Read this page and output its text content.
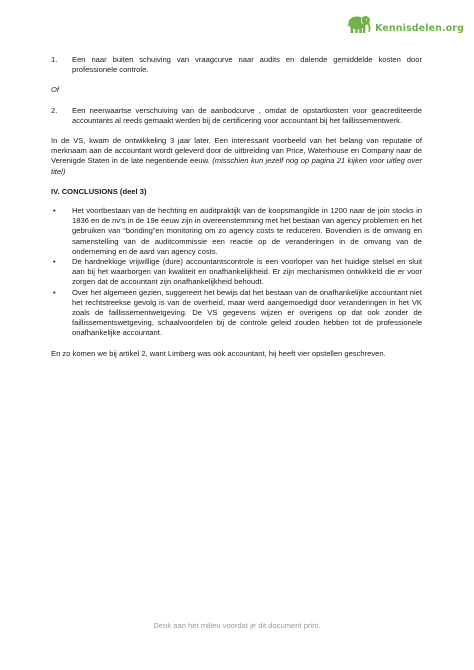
Kennisdelen.org
1.	Een naar buiten schuiving van vraagcurve naar audits en dalende gemiddelde kosten door professionele controle.
Of
2.	Een neerwaartse verschuiving van de aanbodcurve , omdat de opstartkosten voor geacrediteerde accountants al reeds gemaakt werden bij de certificering voor accountant bij het faillissementwerk.
In de VS, kwam de ontwikkeling 3 jaar later. Een interessant voorbeeld van het belang van reputatie of merknaam aan de accountant wordt geleverd door de uitbreiding van Price, Waterhouse en Company naar de Verenigde Staten in de late negentiende eeuw. (misschien kun jezelf nog op pagina 21 kijken voor uitleg over titel)
IV. CONCLUSIONS (deel 3)
•	Het voortbestaan van de hechting en auditpraktijk van de koopsmangilde in 1200 naar de join stocks in 1836 en de nv’s in de 19e eeuw zijn in overeenstemming met het bestaan van agency problemen en het gebruiken van “bonding”en monitoring om zo agency costs te reduceren. Bovendien is de omvang en samenstelling van de auditcommissie een reactie op de veranderingen in de omvang van de onderneming en de aard van agency costs.
•	De hardnekkige vrijwillige (dure) accountantscontrole is een voorloper van het huidige stelsel en sluit aan bij het waarborgen van kwaliteit en onafhankelijkheid. Er zijn mechanismen ontwikkeld die er voor zorgen dat de accountant zijn onafhankelijkheid behoudt.
•	Over het algemeen gezien, suggereert het bewijs dat het bestaan van de onafhankelijke accountant niet het rechtstreekse gevolg is van de overheid, maar werd aangemoedigd door veranderingen in het VK zoals de faillissementwetgeving. De VS gegevens wijzen er overigens op dat ook zonder de faillissementswetgeving, schaalvoordelen bij de controle geleid zouden hebben tot de professionele onafhankelijke accountant.
En zo komen we bij artikel 2, want Limberg was ook accountant, hij heeft vier opstellen geschreven.
Denk aan het milieu voordat je dit document print.
